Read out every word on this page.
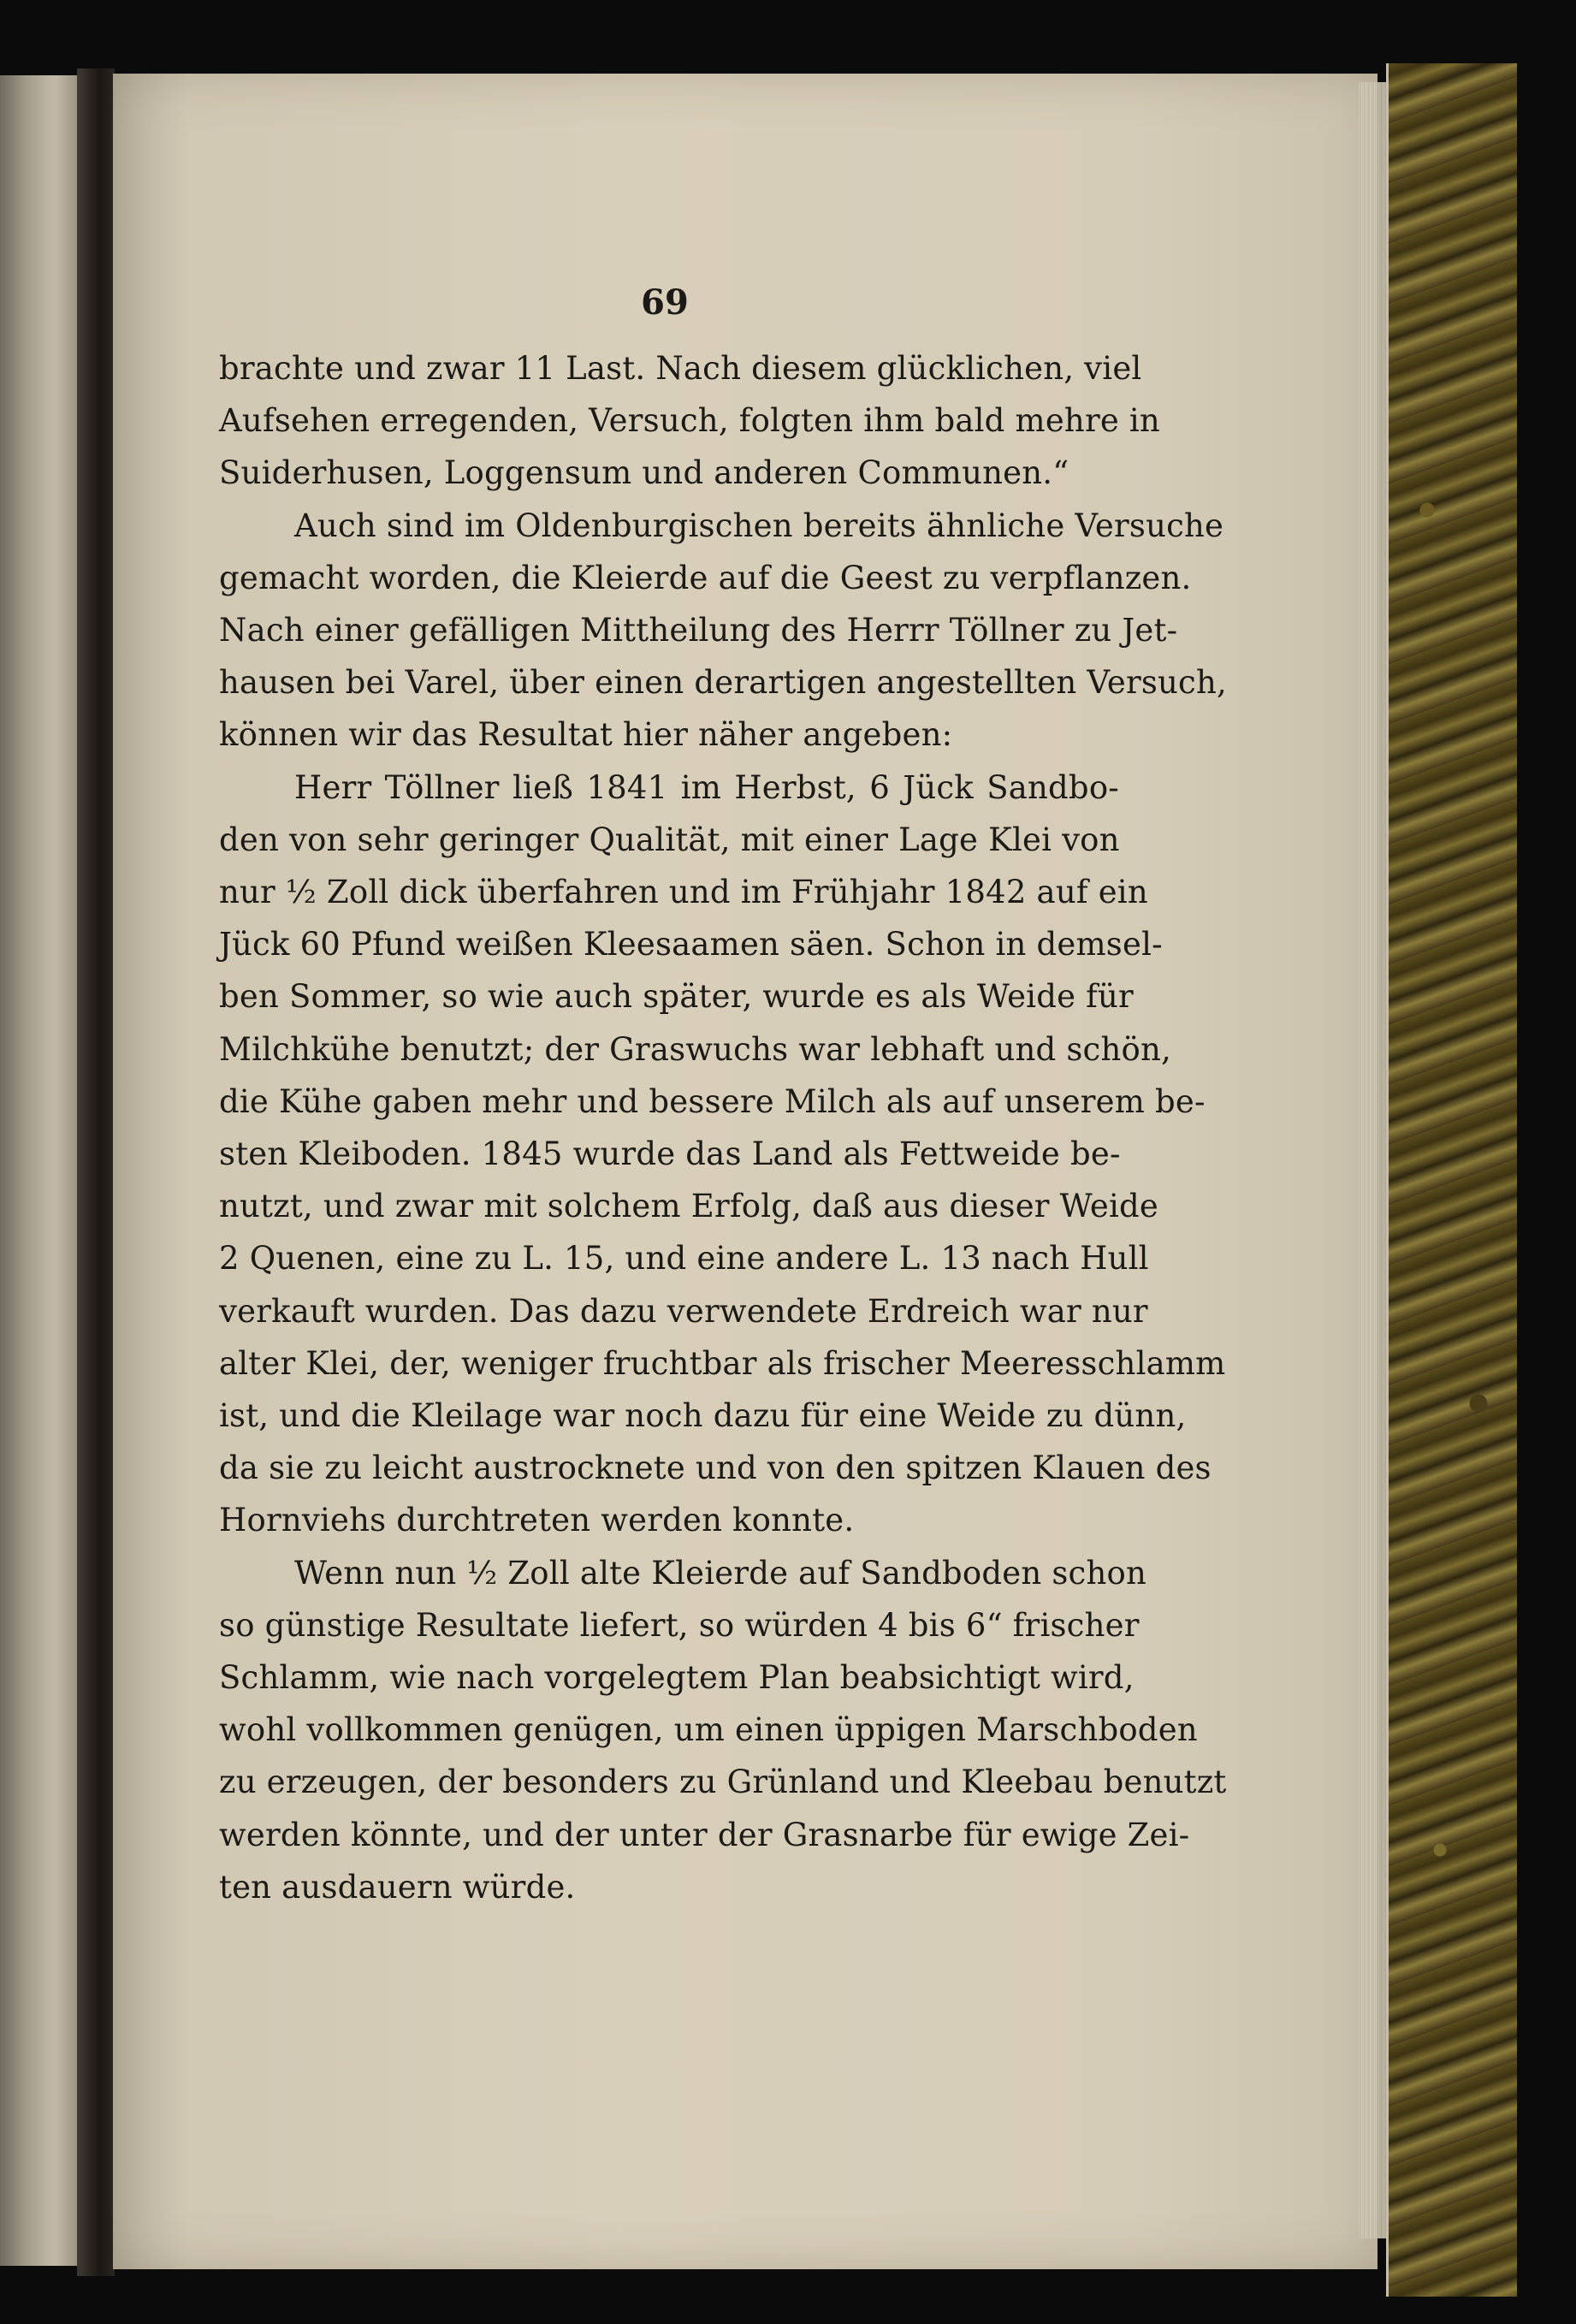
69
brachte und zwar 11 Last. Nach diesem glücklichen, viel
Aufsehen erregenden, Versuch, folgten ihm bald mehre in
Suiderhusen, Loggensum und anderen Communen.“
Auch sind im Oldenburgischen bereits ähnliche Versuche
gemacht worden, die Kleierde auf die Geest zu verpflanzen.
Nach einer gefälligen Mittheilung des Herrr Töllner zu Jet-
hausen bei Varel, über einen derartigen angestellten Versuch,
können wir das Resultat hier näher angeben:
Herr Töllner ließ 1841 im Herbst, 6 Jück Sandbo-
den von sehr geringer Qualität, mit einer Lage Klei von
nur ½ Zoll dick überfahren und im Frühjahr 1842 auf ein
Jück 60 Pfund weißen Kleesaamen säen. Schon in demsel-
ben Sommer, so wie auch später, wurde es als Weide für
Milchkühe benutzt; der Graswuchs war lebhaft und schön,
die Kühe gaben mehr und bessere Milch als auf unserem be-
sten Kleiboden. 1845 wurde das Land als Fettweide be-
nutzt, und zwar mit solchem Erfolg, daß aus dieser Weide
2 Quenen, eine zu L. 15, und eine andere L. 13 nach Hull
verkauft wurden. Das dazu verwendete Erdreich war nur
alter Klei, der, weniger fruchtbar als frischer Meeresschlamm
ist, und die Kleilage war noch dazu für eine Weide zu dünn,
da sie zu leicht austrocknete und von den spitzen Klauen des
Hornviehs durchtreten werden konnte.
Wenn nun ½ Zoll alte Kleierde auf Sandboden schon
so günstige Resultate liefert, so würden 4 bis 6“ frischer
Schlamm, wie nach vorgelegtem Plan beabsichtigt wird,
wohl vollkommen genügen, um einen üppigen Marschboden
zu erzeugen, der besonders zu Grünland und Kleebau benutzt
werden könnte, und der unter der Grasnarbe für ewige Zei-
ten ausdauern würde.
